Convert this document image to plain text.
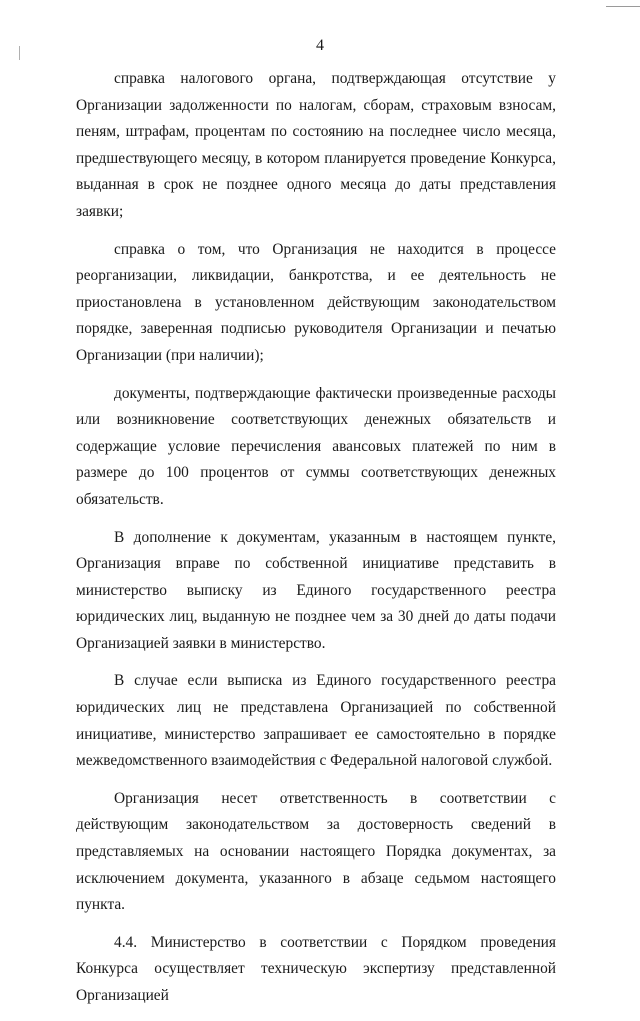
4

справка налогового органа, подтверждающая отсутствие у Организации задолженности по налогам, сборам, страховым взносам, пеням, штрафам, процентам по состоянию на последнее число месяца, предшествующего месяцу, в котором планируется проведение Конкурса, выданная в срок не позднее одного месяца до даты представления заявки;

справка о том, что Организация не находится в процессе реорганизации, ликвидации, банкротства, и ее деятельность не приостановлена в установленном действующим законодательством порядке, заверенная подписью руководителя Организации и печатью Организации (при наличии);

документы, подтверждающие фактически произведенные расходы или возникновение соответствующих денежных обязательств и содержащие условие перечисления авансовых платежей по ним в размере до 100 процентов от суммы соответствующих денежных обязательств.

В дополнение к документам, указанным в настоящем пункте, Организация вправе по собственной инициативе представить в министерство выписку из Единого государственного реестра юридических лиц, выданную не позднее чем за 30 дней до даты подачи Организацией заявки в министерство.

В случае если выписка из Единого государственного реестра юридических лиц не представлена Организацией по собственной инициативе, министерство запрашивает ее самостоятельно в порядке межведомственного взаимодействия с Федеральной налоговой службой.

Организация несет ответственность в соответствии с действующим законодательством за достоверность сведений в представляемых на основании настоящего Порядка документах, за исключением документа, указанного в абзаце седьмом настоящего пункта.

4.4. Министерство в соответствии с Порядком проведения Конкурса осуществляет техническую экспертизу представленной Организацией
